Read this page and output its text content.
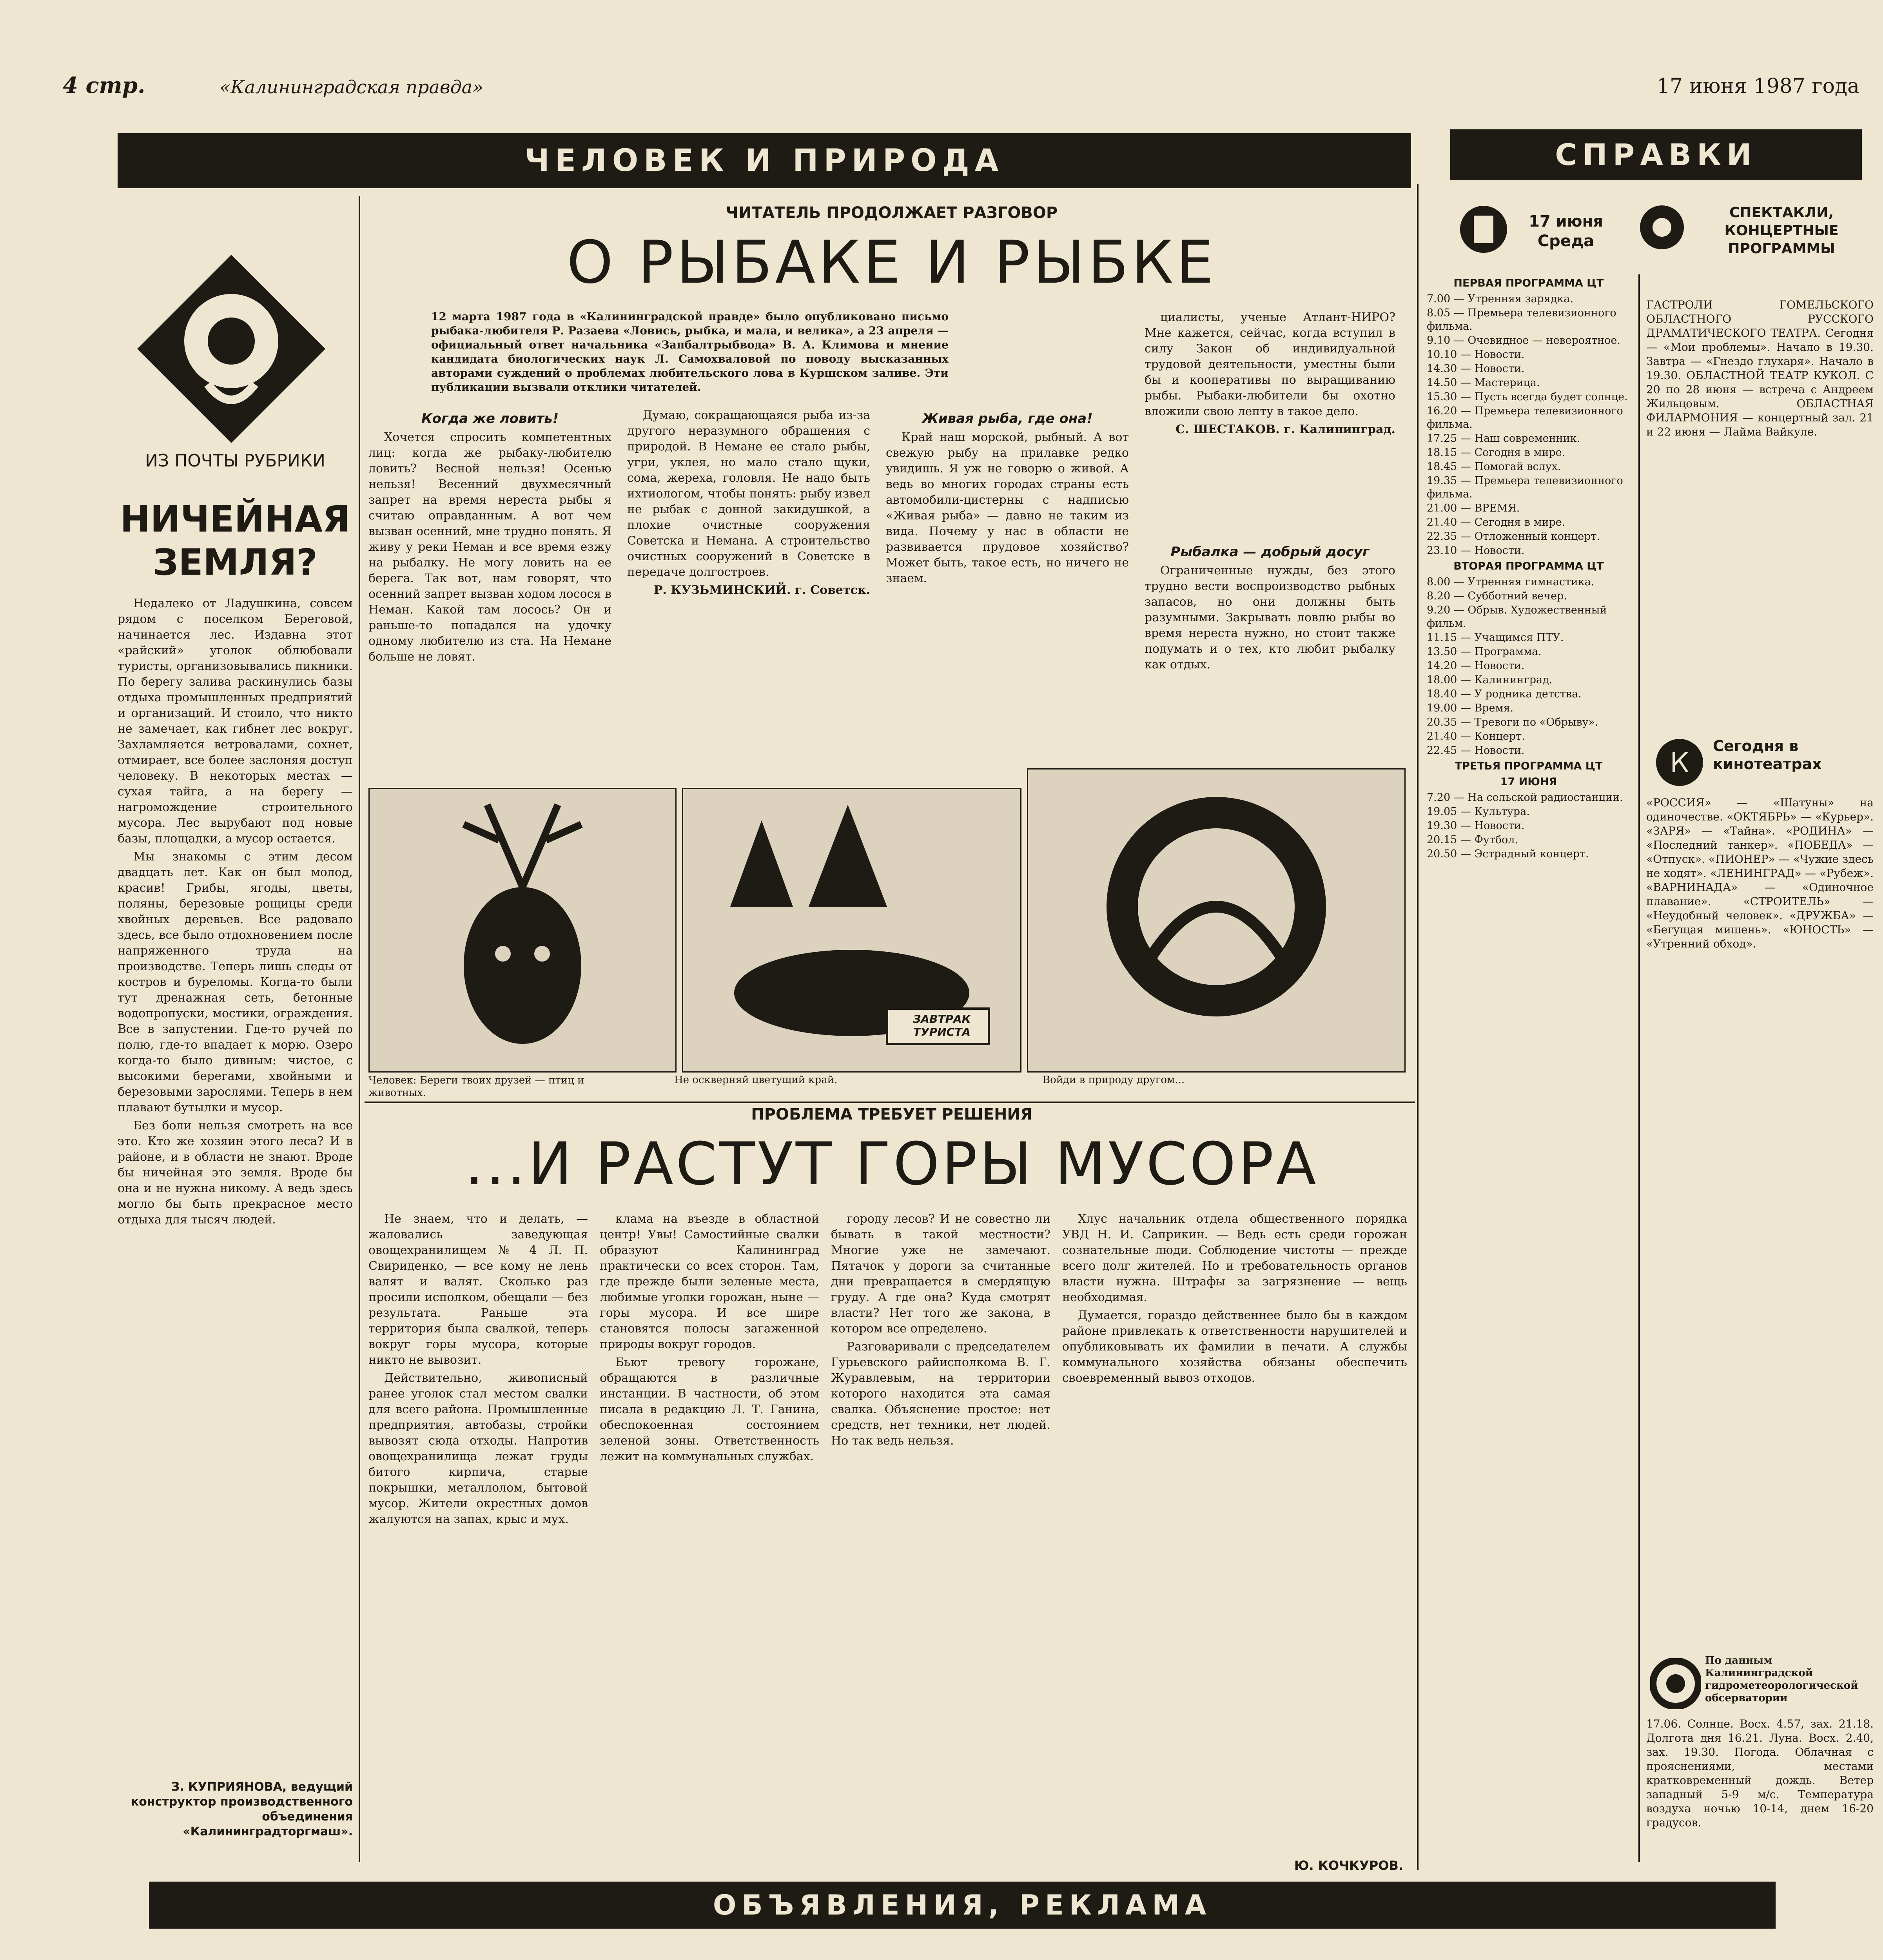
4 стр.	«Калининградская правда»	17 июня 1987 года
ЧЕЛОВЕК И ПРИРОДА	СПРАВКИ
ИЗ ПОЧТЫ РУБРИКИ
НИЧЕЙНАЯ ЗЕМЛЯ?

Недалеко от Ладушкина, совсем рядом с поселком Береговой, начинается лес. Издавна этот «райский» уголок облюбовали туристы, организовывались пикники. По берегу залива раскинулись базы отдыха промышленных предприятий и организаций. И стоило, что никто не замечает, как гибнет лес вокруг. Захламляется ветровалами, сохнет, отмирает, все более заслоняя доступ человеку. В некоторых местах — сухая тайга, а на берегу — нагромождение строительного мусора. Лес вырубают под новые базы, площадки, а мусор остается.

Мы знакомы с этим десом двадцать лет. Как он был молод, красив! Грибы, ягоды, цветы, поляны, березовые рощицы среди хвойных деревьев. Все радовало здесь, все было отдохновением после напряженного труда на производстве. Теперь лишь следы от костров и буреломы. Когда-то были тут дренажная сеть, бетонные водопропуски, мостики, ограждения. Все в запустении. Где-то ручей по полю, где-то впадает к морю. Озеро когда-то было дивным: чистое, с высокими берегами, хвойными и березовыми зарослями. Теперь в нем плавают бутылки и мусор.

Без боли нельзя смотреть на все это. Кто же хозяин этого леса? И в районе, и в области не знают. Вроде бы ничейная это земля. Вроде бы она и не нужна никому. А ведь здесь могло бы быть прекрасное место отдыха для тысяч людей.

З. КУПРИЯНОВА, ведущий конструктор производственного объединения «Калининградторгмаш».
ЧИТАТЕЛЬ ПРОДОЛЖАЕТ РАЗГОВОР
О РЫБАКЕ И РЫБКЕ
12 марта 1987 года в «Калининградской правде» было опубликовано письмо рыбака-любителя Р. Разаева «Ловись, рыбка, и мала, и велика», а 23 апреля — официальный ответ начальника «Запбалтрыбвода» В. А. Климова и мнение кандидата биологических наук Л. Самохваловой по поводу высказанных авторами суждений о проблемах любительского лова в Куршском заливе. Эти публикации вызвали отклики читателей.
Когда же ловить!

Хочется спросить компетентных лиц: когда же рыбаку-любителю ловить? Весной нельзя! Осенью нельзя! Весенний двухмесячный запрет на время нереста рыбы я считаю оправданным. А вот чем вызван осенний, мне трудно понять. Я живу у реки Неман и все время езжу на рыбалку. Не могу ловить на ее берега. Так вот, нам говорят, что осенний запрет вызван ходом лосося в Неман. Какой там лосось? Он и раньше-то попадался на удочку одному любителю из ста. На Немане больше не ловят.

Думаю, сокращающаяся рыба из-за другого неразумного обращения с природой. В Немане ее стало рыбы, угри, уклея, но мало стало щуки, сома, жереха, головля. Не надо быть ихтиологом, чтобы понять: рыбу извел не рыбак с донной закидушкой, а плохие очистные сооружения Советска и Немана. А строительство очистных сооружений в Советске в передаче долгостроев.

Р. КУЗЬМИНСКИЙ. г. Советск.
Живая рыба, где она!

Край наш морской, рыбный. А вот свежую рыбу на прилавке редко увидишь. Я уж не говорю о живой. А ведь во многих городах страны есть автомобили-цистерны с надписью «Живая рыба» — давно не таким из вида. Почему у нас в области не развивается прудовое хозяйство? Может быть, такое есть, но ничего не знаем.

циалисты, ученые Атлант-НИРО? Мне кажется, сейчас, когда вступил в силу Закон об индивидуальной трудовой деятельности, уместны были бы и кооперативы по выращиванию рыбы. Рыбаки-любители бы охотно вложили свою лепту в такое дело.

С. ШЕСТАКОВ. г. Калининград.
Рыбалка — добрый досуг

Ограниченные нужды, без этого трудно вести воспроизводство рыбных запасов, но они должны быть разумными. Закрывать ловлю рыбы во время нереста нужно, но стоит также подумать и о тех, кто любит рыбалку как отдых.

ЗАВТРАК ТУРИСТА
Человек: Береги твоих друзей — птиц и животных.
Не оскверняй цветущий край.	Войди в природу другом...
ПРОБЛЕМА ТРЕБУЕТ РЕШЕНИЯ
...И РАСТУТ ГОРЫ МУСОРА

Не знаем, что и делать, — жаловались заведующая овощехранилищем № 4 Л. П. Свириденко, — все кому не лень валят и валят. Сколько раз просили исполком, обещали — без результата. Раньше эта территория была свалкой, теперь вокруг горы мусора, которые никто не вывозит.

Действительно, живописный ранее уголок стал местом свалки для всего района. Промышленные предприятия, автобазы, стройки вывозят сюда отходы. Напротив овощехранилища лежат груды битого кирпича, старые покрышки, металлолом, бытовой мусор. Жители окрестных домов жалуются на запах, крыс и мух.

клама на въезде в областной центр! Увы! Самостийные свалки образуют Калининград практически со всех сторон. Там, где прежде были зеленые места, любимые уголки горожан, ныне — горы мусора. И все шире становятся полосы загаженной природы вокруг городов.

Бьют тревогу горожане, обращаются в различные инстанции. В частности, об этом писала в редакцию Л. Т. Ганина, обеспокоенная состоянием зеленой зоны. Ответственность лежит на коммунальных службах.

городу лесов? И не совестно ли бывать в такой местности? Многие уже не замечают. Пятачок у дороги за считанные дни превращается в смердящую груду. А где она? Куда смотрят власти? Нет того же закона, в котором все определено.

Разговаривали с председателем Гурьевского райисполкома В. Г. Журавлевым, на территории которого находится эта самая свалка. Объяснение простое: нет средств, нет техники, нет людей. Но так ведь нельзя.

Хлус начальник отдела общественного порядка УВД Н. И. Саприкин. — Ведь есть среди горожан сознательные люди. Соблюдение чистоты — прежде всего долг жителей. Но и требовательность органов власти нужна. Штрафы за загрязнение — вещь необходимая.

Думается, гораздо действеннее было бы в каждом районе привлекать к ответственности нарушителей и опубликовывать их фамилии в печати. А службы коммунального хозяйства обязаны обеспечить своевременный вывоз отходов.

Ю. КОЧКУРОВ.
17 июня Среда
СПЕКТАКЛИ, КОНЦЕРТНЫЕ ПРОГРАММЫ
ПЕРВАЯ ПРОГРАММА ЦТ
7.00 — Утренняя зарядка.
8.05 — Премьера телевизионного фильма.
9.10 — Очевидное — невероятное.
10.10 — Новости.
14.30 — Новости.
14.50 — Мастерица.
15.30 — Пусть всегда будет солнце.
16.20 — Премьера телевизионного фильма.
17.25 — Наш современник.
18.15 — Сегодня в мире.
18.45 — Помогай вслух.
19.35 — Премьера телевизионного фильма.
21.00 — ВРЕМЯ.
21.40 — Сегодня в мире.
22.35 — Отложенный концерт.
23.10 — Новости.
ВТОРАЯ ПРОГРАММА ЦТ
8.00 — Утренняя гимнастика.
8.20 — Субботний вечер.
9.20 — Обрыв. Художественный фильм.
11.15 — Учащимся ПТУ.
13.50 — Программа.
14.20 — Новости.
18.00 — Калининград.
18.40 — У родника детства.
19.00 — Время.
20.35 — Тревоги по «Обрыву».
21.40 — Концерт.
22.45 — Новости.
ТРЕТЬЯ ПРОГРАММА ЦТ
17 ИЮНЯ
7.20 — На сельской радиостанции.
19.05 — Культура.
19.30 — Новости.
20.15 — Футбол.
20.50 — Эстрадный концерт.
ГАСТРОЛИ ГОМЕЛЬСКОГО ОБЛАСТНОГО РУССКОГО ДРАМАТИЧЕСКОГО ТЕАТРА. Сегодня — «Мои проблемы». Начало в 19.30. Завтра — «Гнездо глухаря». Начало в 19.30. ОБЛАСТНОЙ ТЕАТР КУКОЛ. С 20 по 28 июня — встреча с Андреем Жильцовым. ОБЛАСТНАЯ ФИЛАРМОНИЯ — концертный зал. 21 и 22 июня — Лайма Вайкуле.
К
Сегодня в кинотеатрах
«РОССИЯ» — «Шатуны» на одиночестве. «ОКТЯБРЬ» — «Курьер». «ЗАРЯ» — «Тайна». «РОДИНА» — «Последний танкер». «ПОБЕДА» — «Отпуск». «ПИОНЕР» — «Чужие здесь не ходят». «ЛЕНИНГРАД» — «Рубеж». «ВАРНИНАДА» — «Одиночное плавание». «СТРОИТЕЛЬ» — «Неудобный человек». «ДРУЖБА» — «Бегущая мишень». «ЮНОСТЬ» — «Утренний обход».
По данным Калининградской гидрометеорологической обсерватории
17.06. Солнце. Восх. 4.57, зах. 21.18. Долгота дня 16.21. Луна. Восх. 2.40, зах. 19.30. Погода. Облачная с прояснениями, местами кратковременный дождь. Ветер западный 5-9 м/с. Температура воздуха ночью 10-14, днем 16-20 градусов.
ОБЪЯВЛЕНИЯ, РЕКЛАМА
